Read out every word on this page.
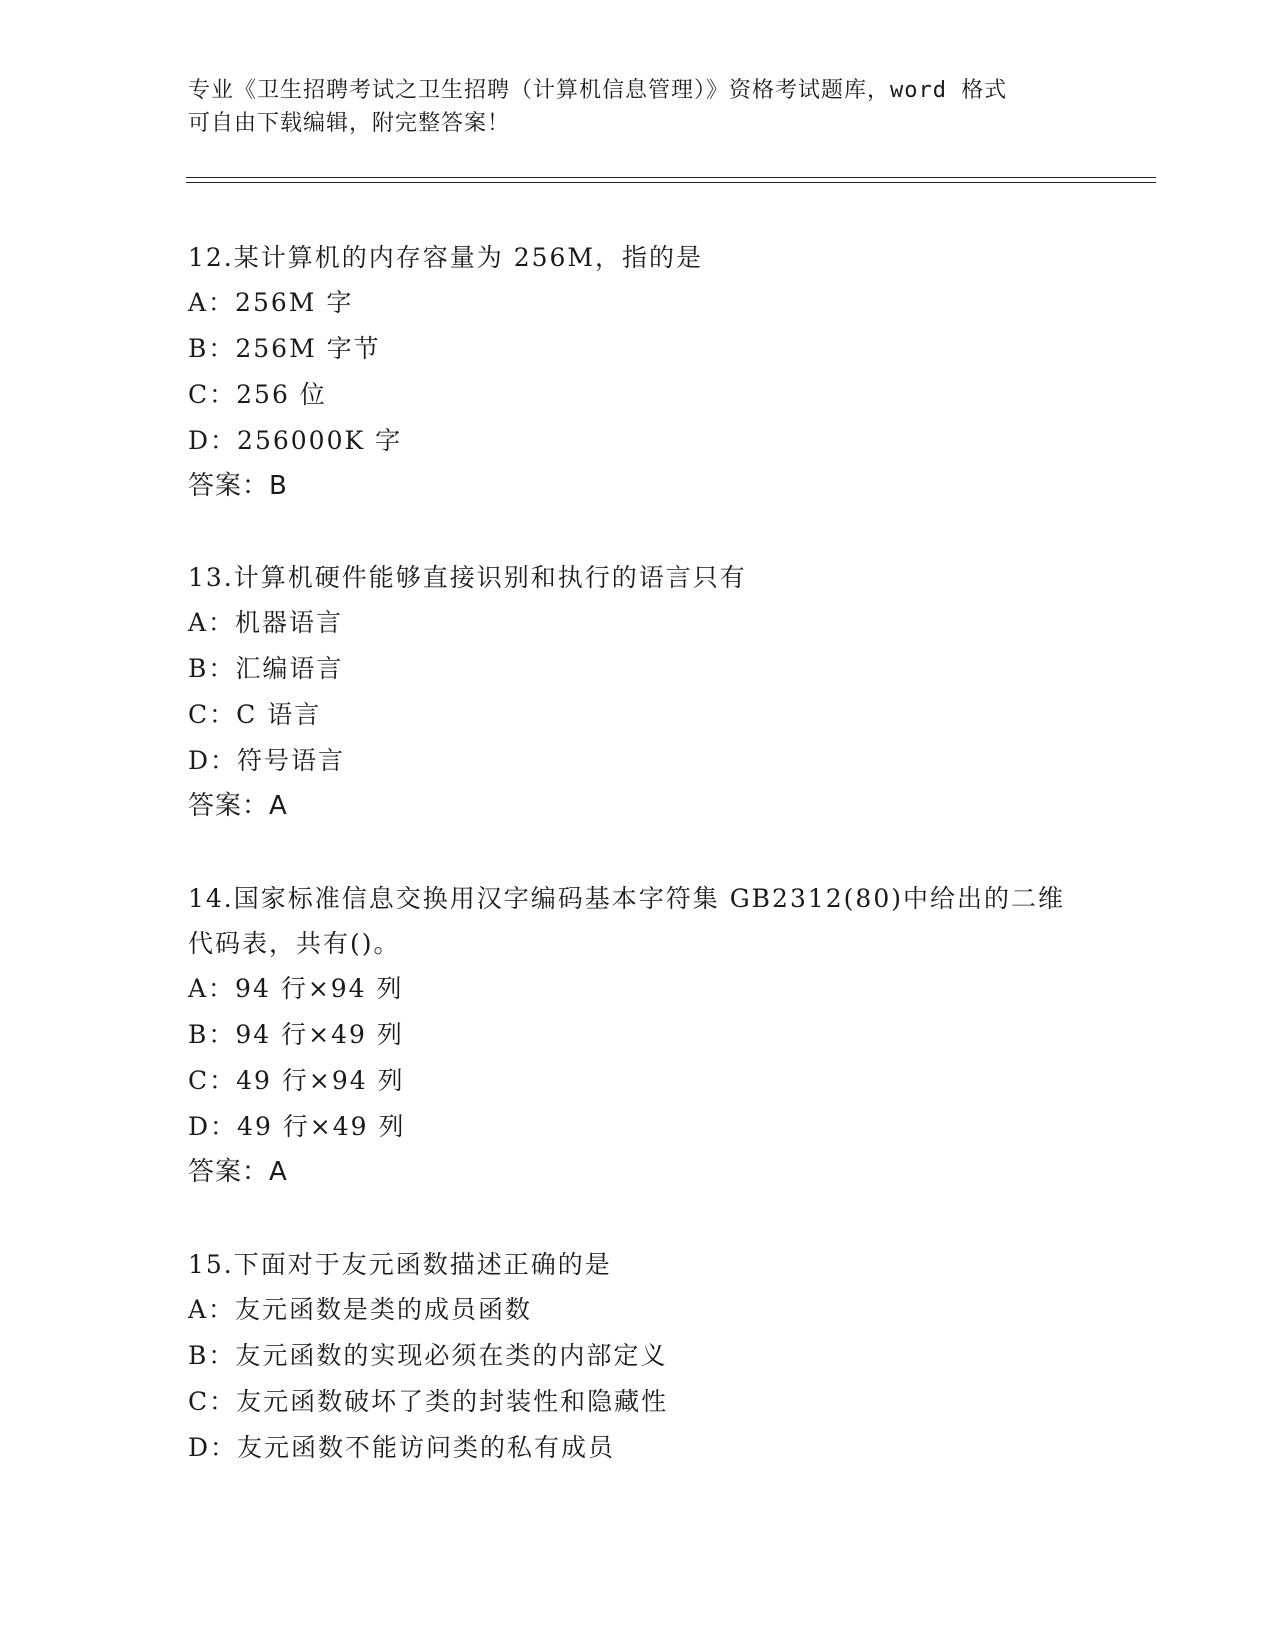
专业《卫生招聘考试之卫生招聘（计算机信息管理）》资格考试题库，word 格式
可自由下载编辑，附完整答案！
12.某计算机的内存容量为 256M，指的是
A：256M 字
B：256M 字节
C：256 位
D：256000K 字
答案：B
13.计算机硬件能够直接识别和执行的语言只有
A：机器语言
B：汇编语言
C：C 语言
D：符号语言
答案：A
14.国家标准信息交换用汉字编码基本字符集 GB2312(80)中给出的二维
代码表，共有()。
A：94 行×94 列
B：94 行×49 列
C：49 行×94 列
D：49 行×49 列
答案：A
15.下面对于友元函数描述正确的是
A：友元函数是类的成员函数
B：友元函数的实现必须在类的内部定义
C：友元函数破坏了类的封装性和隐藏性
D：友元函数不能访问类的私有成员
